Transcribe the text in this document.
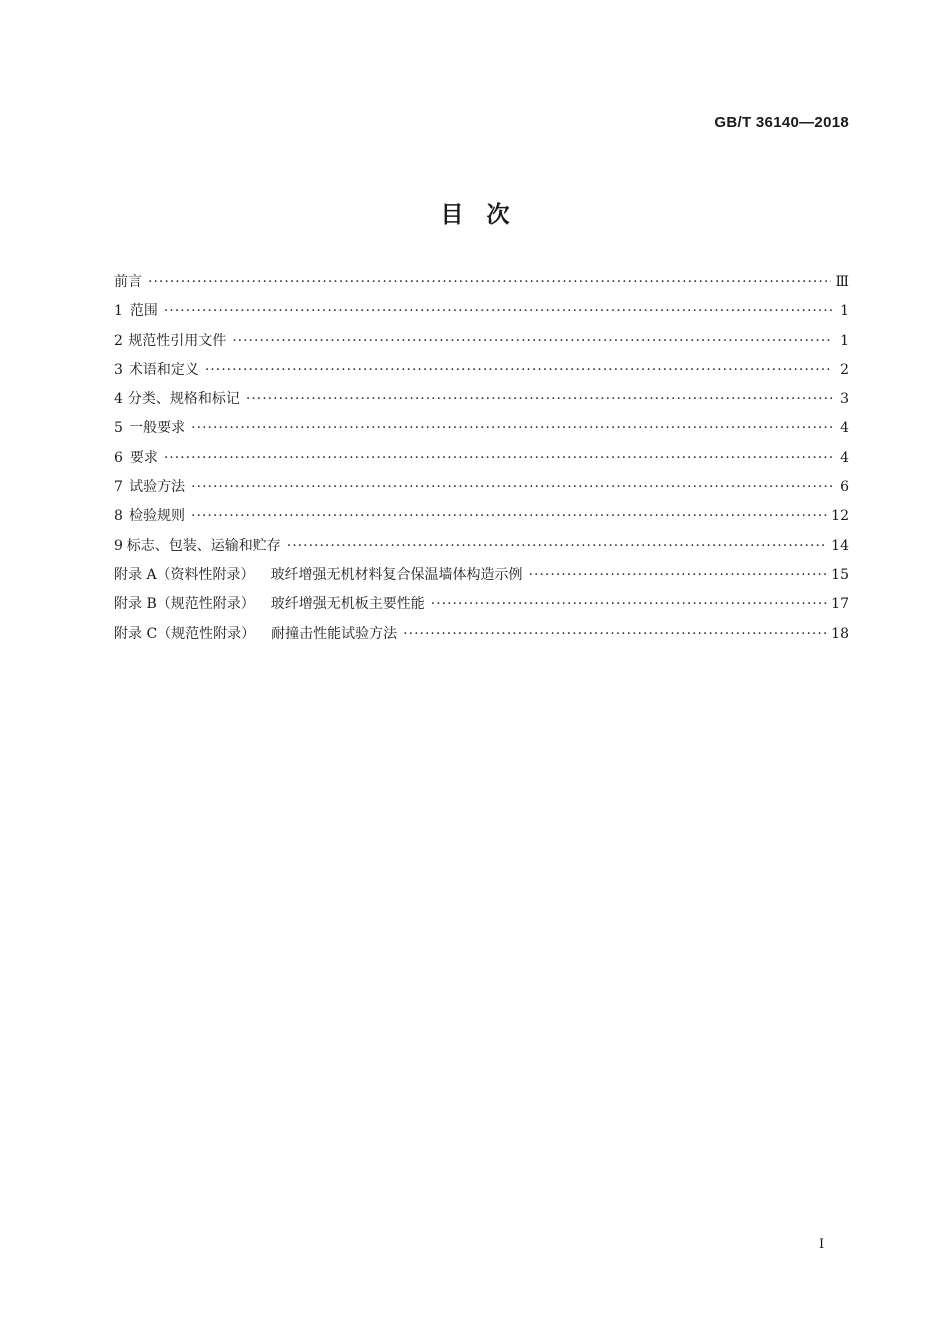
GB/T 36140—2018
目　次
前言 ·····	Ⅲ
1 范围 ·····	1
2 规范性引用文件 ·····	1
3 术语和定义 ·····	2
4 分类、规格和标记 ·····	3
5 一般要求 ·····	4
6 要求 ·····	4
7 试验方法 ·····	6
8 检验规则 ·····	12
9 标志、包装、运输和贮存 ·····	14
附录 A（资料性附录） 玻纤增强无机材料复合保温墙体构造示例 ·····	15
附录 B（规范性附录） 玻纤增强无机板主要性能 ·····	17
附录 C（规范性附录） 耐撞击性能试验方法 ·····	18
Ⅰ
